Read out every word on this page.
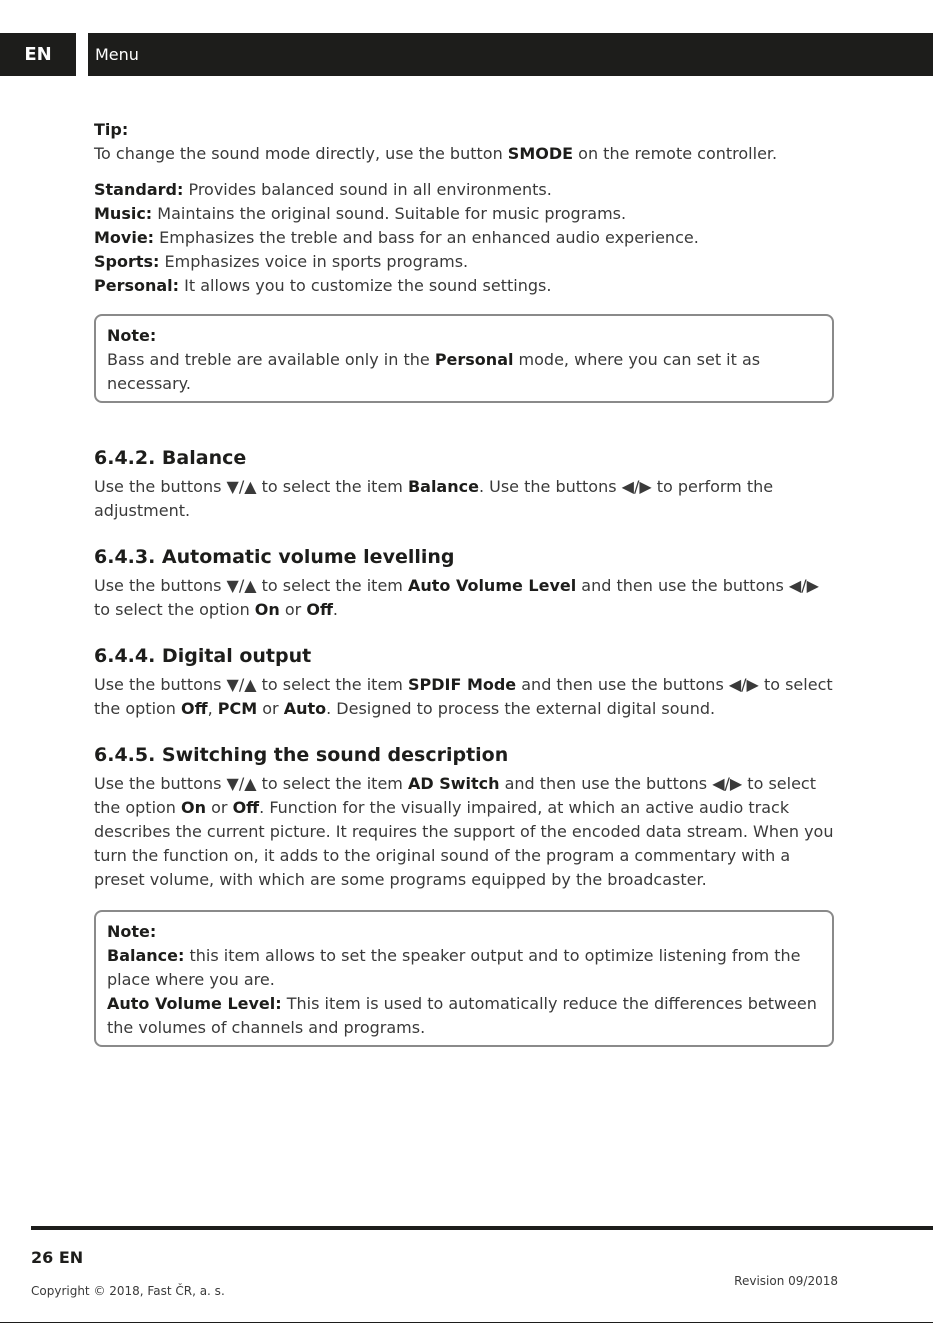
EN	Menu
Tip:

To change the sound mode directly, use the button SMODE on the remote controller.

Standard: Provides balanced sound in all environments.
Music: Maintains the original sound. Suitable for music programs.
Movie: Emphasizes the treble and bass for an enhanced audio experience.
Sports: Emphasizes voice in sports programs.
Personal: It allows you to customize the sound settings.
Note:
Bass and treble are available only in the Personal mode, where you can set it as necessary.
6.4.2. Balance
Use the buttons ▼/▲ to select the item Balance. Use the buttons ◀/▶ to perform the adjustment.
6.4.3. Automatic volume levelling
Use the buttons ▼/▲ to select the item Auto Volume Level and then use the buttons ◀/▶ to select the option On or Off.
6.4.4. Digital output
Use the buttons ▼/▲ to select the item SPDIF Mode and then use the buttons ◀/▶ to select the option Off, PCM or Auto. Designed to process the external digital sound.
6.4.5. Switching the sound description
Use the buttons ▼/▲ to select the item AD Switch and then use the buttons ◀/▶ to select the option On or Off. Function for the visually impaired, at which an active audio track describes the current picture. It requires the support of the encoded data stream. When you turn the function on, it adds to the original sound of the program a commentary with a preset volume, with which are some programs equipped by the broadcaster.
Note:
Balance: this item allows to set the speaker output and to optimize listening from the place where you are.
Auto Volume Level: This item is used to automatically reduce the differences between the volumes of channels and programs.
26 EN
Copyright © 2018, Fast ČR, a. s.
Revision 09/2018
